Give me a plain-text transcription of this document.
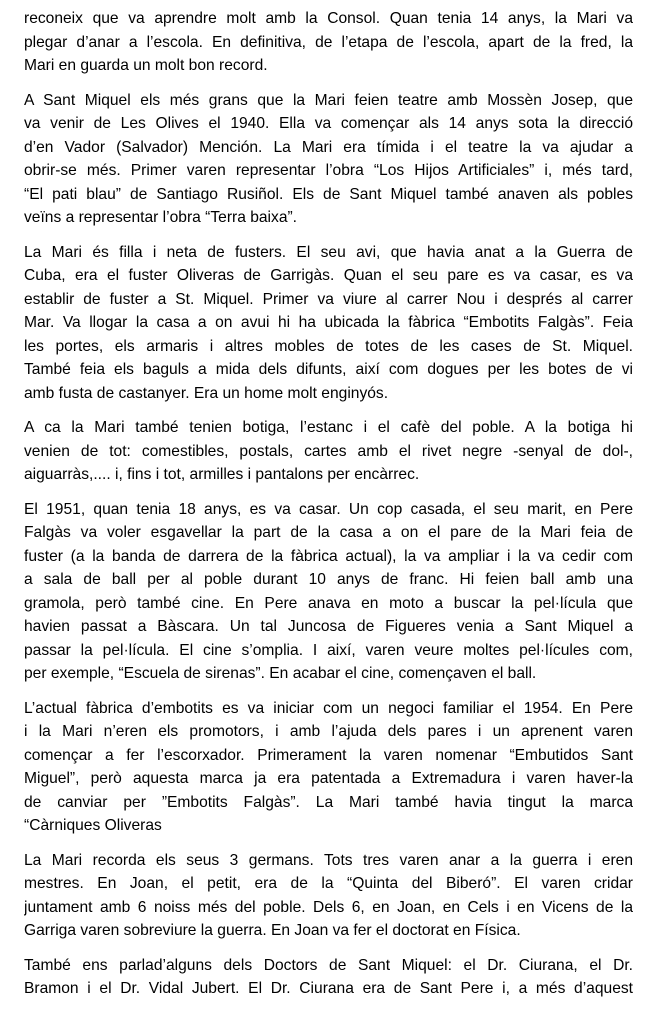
reconeix que va aprendre molt amb la Consol. Quan tenia 14 anys, la Mari va
plegar d’anar a l’escola. En definitiva, de l’etapa de l’escola, apart de la fred, la
Mari en guarda un molt bon record.

A Sant Miquel els més grans que la Mari feien teatre amb Mossèn Josep, que
va venir de Les Olives el 1940. Ella va començar als 14 anys sota la direcció
d’en Vador (Salvador) Mención. La Mari era tímida i el teatre la va ajudar a
obrir-se més. Primer varen representar l’obra “Los Hijos Artificiales” i, més tard,
“El pati blau” de Santiago Rusiñol. Els de Sant Miquel també anaven als pobles
veïns a representar l’obra “Terra baixa”.

La Mari és filla i neta de fusters. El seu avi, que havia anat a la Guerra de
Cuba, era el fuster Oliveras de Garrigàs. Quan el seu pare es va casar, es va
establir de fuster a St. Miquel. Primer va viure al carrer Nou i després al carrer
Mar. Va llogar la casa a on avui hi ha ubicada la fàbrica “Embotits Falgàs”. Feia
les portes, els armaris i altres mobles de totes de les cases de St. Miquel.
També feia els baguls a mida dels difunts, així com dogues per les botes de vi
amb fusta de castanyer. Era un home molt enginyós.

A ca la Mari també tenien botiga, l’estanc i el cafè del poble. A la botiga hi
venien de tot: comestibles, postals, cartes amb el rivet negre -senyal de dol-,
aiguarràs,.... i, fins i tot, armilles i pantalons per encàrrec.

El 1951, quan tenia 18 anys, es va casar. Un cop casada, el seu marit, en Pere
Falgàs va voler esgavellar la part de la casa a on el pare de la Mari feia de
fuster (a la banda de darrera de la fàbrica actual), la va ampliar i la va cedir com
a sala de ball per al poble durant 10 anys de franc. Hi feien ball amb una
gramola, però també cine. En Pere anava en moto a buscar la pel·lícula que
havien passat a Bàscara. Un tal Juncosa de Figueres venia a Sant Miquel a
passar la pel·lícula. El cine s’omplia. I així, varen veure moltes pel·lícules com,
per exemple, “Escuela de sirenas”. En acabar el cine, començaven el ball.

L’actual fàbrica d’embotits es va iniciar com un negoci familiar el 1954. En Pere
i la Mari n’eren els promotors, i amb l’ajuda dels pares i un aprenent varen
començar a fer l’escorxador. Primerament la varen nomenar “Embutidos Sant
Miguel”, però aquesta marca ja era patentada a Extremadura i varen haver-la
de canviar per ”Embotits Falgàs”. La Mari també havia tingut la marca
“Càrniques Oliveras

La Mari recorda els seus 3 germans. Tots tres varen anar a la guerra i eren
mestres. En Joan, el petit, era de la “Quinta del Biberó”. El varen cridar
juntament amb 6 noiss més del poble. Dels 6, en Joan, en Cels i en Vicens de la
Garriga varen sobreviure la guerra. En Joan va fer el doctorat en Física.

També ens parlad’alguns dels Doctors de Sant Miquel: el Dr. Ciurana, el Dr.
Bramon i el Dr. Vidal Jubert. El Dr. Ciurana era de Sant Pere i, a més d’aquest
